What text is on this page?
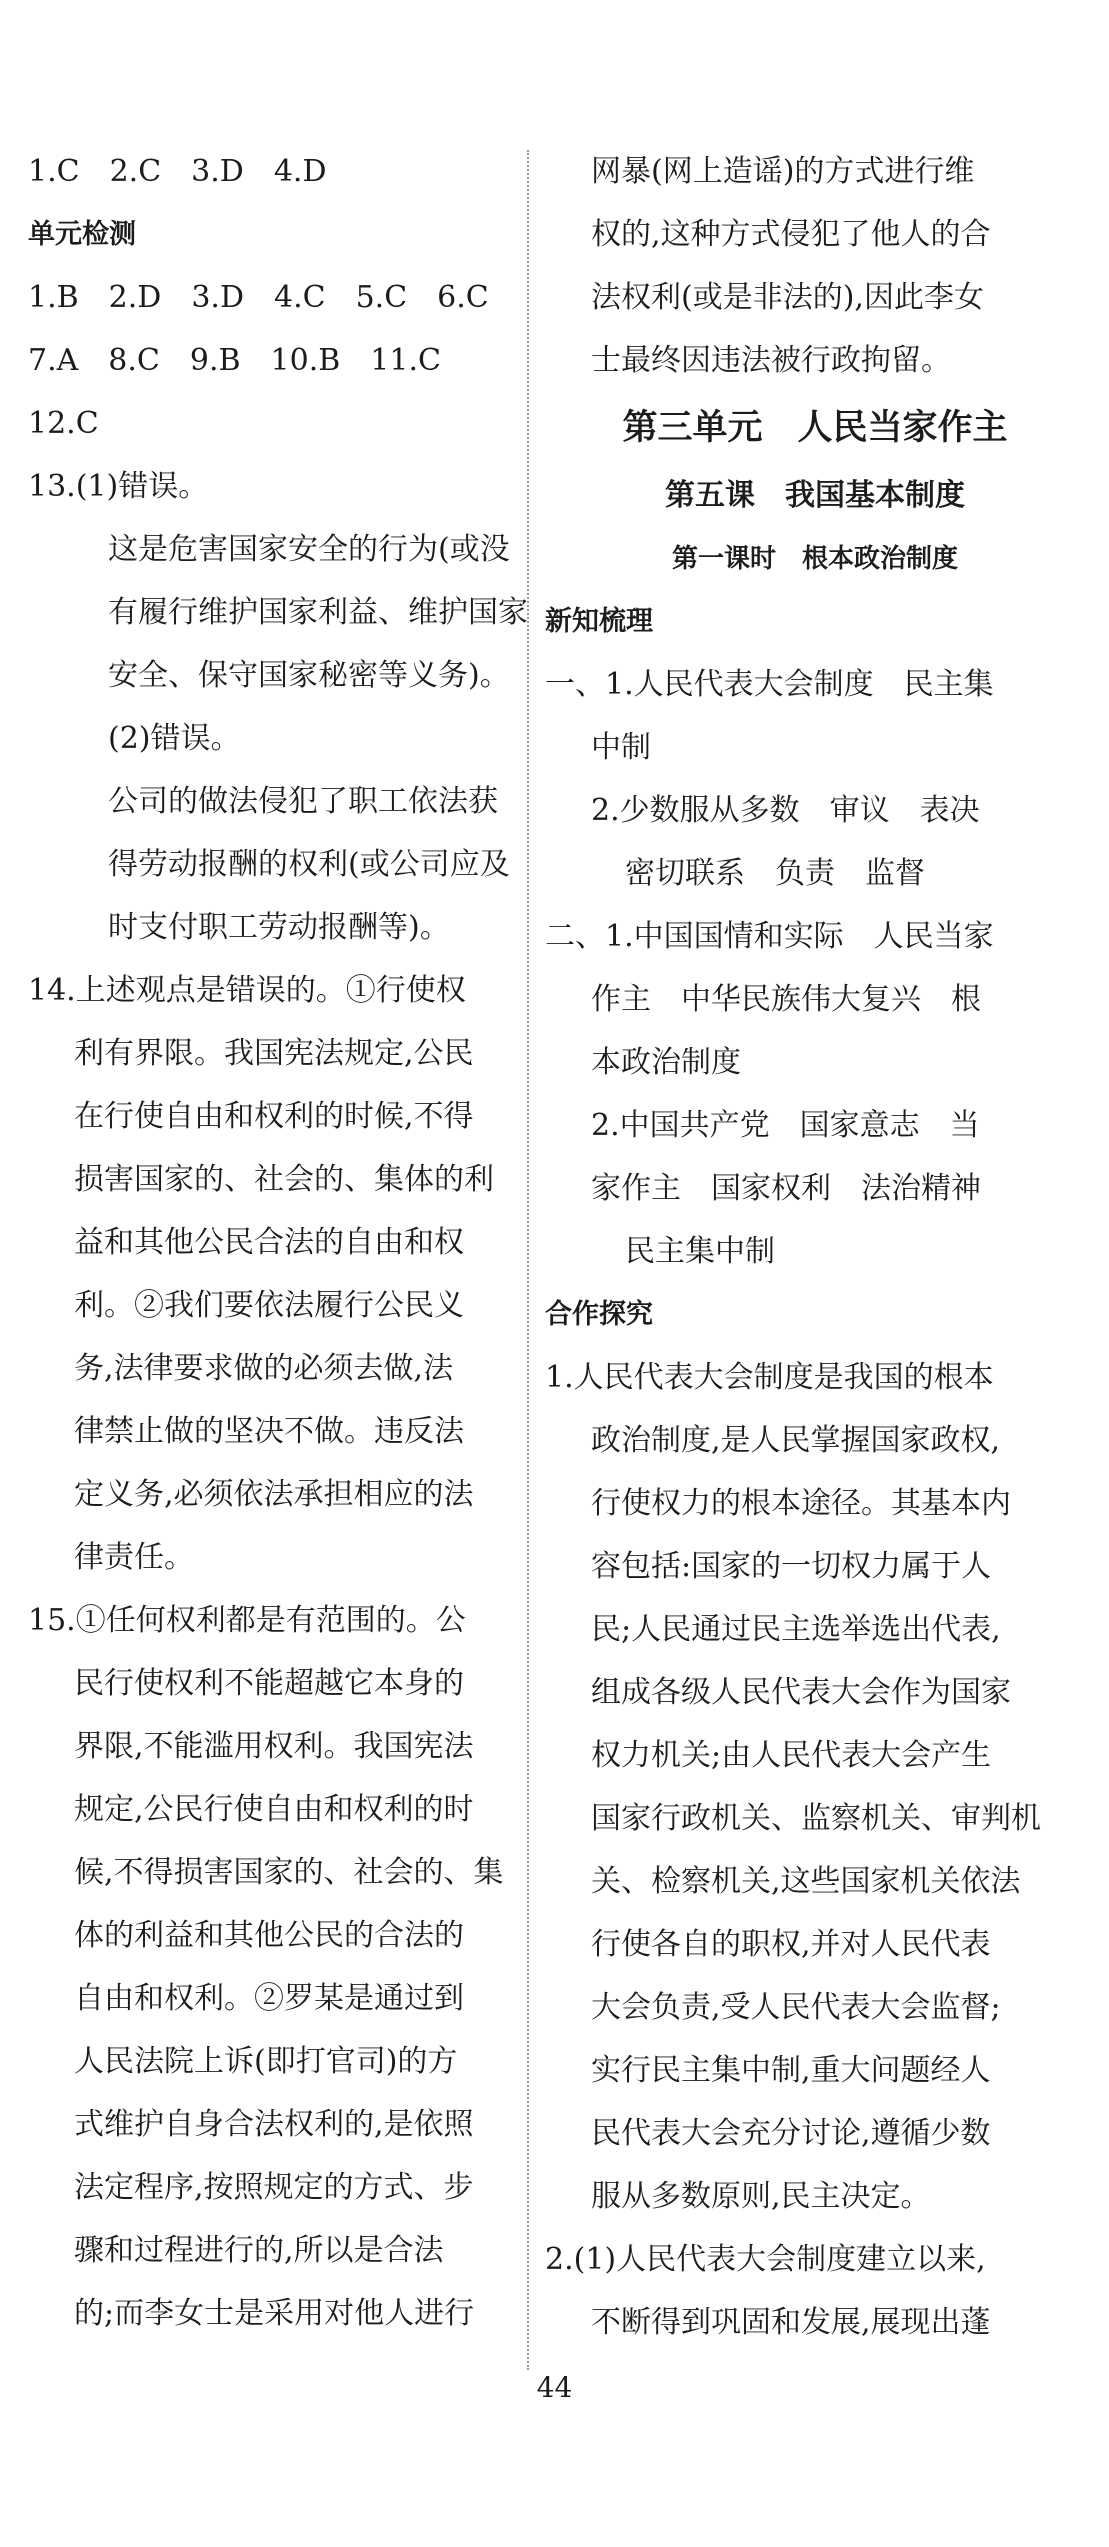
1.C　2.C　3.D　4.D

单元检测

1.B　2.D　3.D　4.C　5.C　6.C

7.A　8.C　9.B　10.B　11.C

12.C

13.(1)错误。

这是危害国家安全的行为(或没

有履行维护国家利益、维护国家

安全、保守国家秘密等义务)。

(2)错误。

公司的做法侵犯了职工依法获

得劳动报酬的权利(或公司应及

时支付职工劳动报酬等)。

14.上述观点是错误的。①行使权

利有界限。我国宪法规定,公民

在行使自由和权利的时候,不得

损害国家的、社会的、集体的利

益和其他公民合法的自由和权

利。②我们要依法履行公民义

务,法律要求做的必须去做,法

律禁止做的坚决不做。违反法

定义务,必须依法承担相应的法

律责任。

15.①任何权利都是有范围的。公

民行使权利不能超越它本身的

界限,不能滥用权利。我国宪法

规定,公民行使自由和权利的时

候,不得损害国家的、社会的、集

体的利益和其他公民的合法的

自由和权利。②罗某是通过到

人民法院上诉(即打官司)的方

式维护自身合法权利的,是依照

法定程序,按照规定的方式、步

骤和过程进行的,所以是合法

的;而李女士是采用对他人进行

网暴(网上造谣)的方式进行维

权的,这种方式侵犯了他人的合

法权利(或是非法的),因此李女

士最终因违法被行政拘留。

第三单元　人民当家作主

第五课　我国基本制度

第一课时　根本政治制度

新知梳理

一、1.人民代表大会制度　民主集

中制

2.少数服从多数　审议　表决

密切联系　负责　监督

二、1.中国国情和实际　人民当家

作主　中华民族伟大复兴　根

本政治制度

2.中国共产党　国家意志　当

家作主　国家权利　法治精神

民主集中制

合作探究

1.人民代表大会制度是我国的根本

政治制度,是人民掌握国家政权,

行使权力的根本途径。其基本内

容包括:国家的一切权力属于人

民;人民通过民主选举选出代表,

组成各级人民代表大会作为国家

权力机关;由人民代表大会产生

国家行政机关、监察机关、审判机

关、检察机关,这些国家机关依法

行使各自的职权,并对人民代表

大会负责,受人民代表大会监督;

实行民主集中制,重大问题经人

民代表大会充分讨论,遵循少数

服从多数原则,民主决定。

2.(1)人民代表大会制度建立以来,

不断得到巩固和发展,展现出蓬

44
